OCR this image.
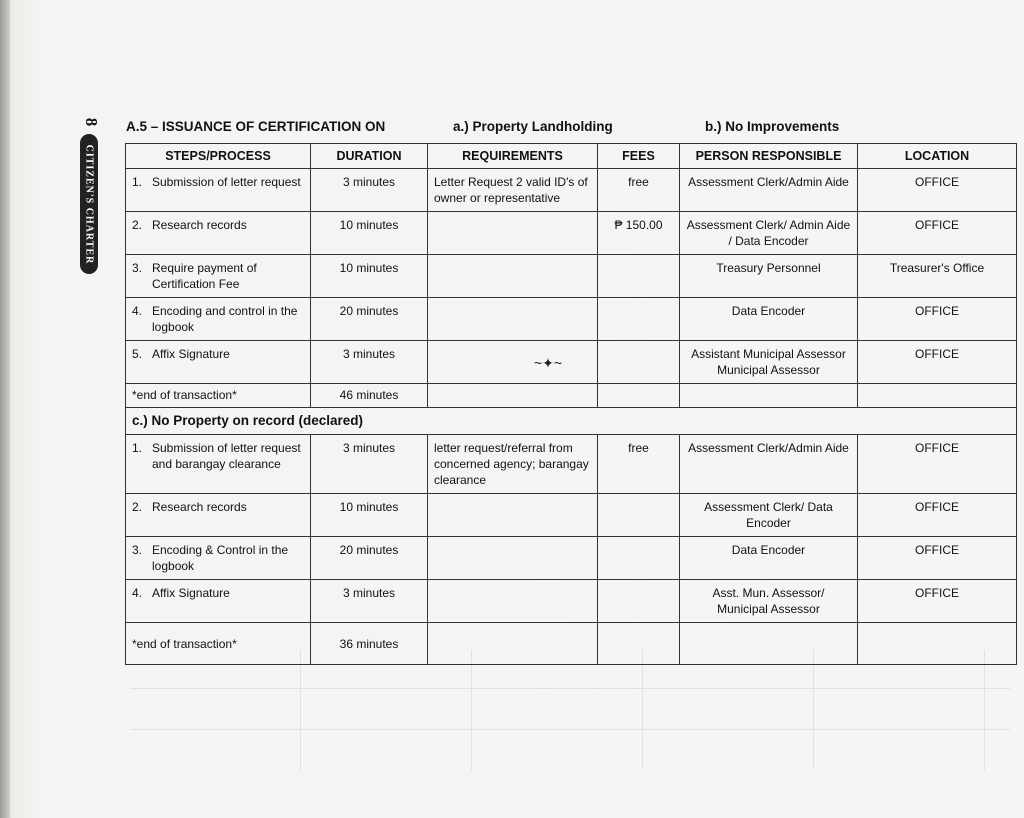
8
CITIZEN'S CHARTER
A.5 – ISSUANCE OF CERTIFICATION ON	a.) Property Landholding	b.) No Improvements
STEPS/PROCESS	DURATION	REQUIREMENTS	FEES	PERSON RESPONSIBLE	LOCATION

1. Submission of letter request	3 minutes	Letter Request 2 valid ID's of owner or representative	free	Assessment Clerk/Admin Aide	OFFICE

2. Research records	10 minutes		₱ 150.00	Assessment Clerk/ Admin Aide / Data Encoder	OFFICE

3. Require payment of Certification Fee	10 minutes			Treasury Personnel	Treasurer's Office

4. Encoding and control in the logbook	20 minutes			Data Encoder	OFFICE

5. Affix Signature	3 minutes	~✦~		Assistant Municipal Assessor Municipal Assessor	OFFICE
*end of transaction*	46 minutes				
c.) No Property on record (declared)					

1. Submission of letter request and barangay clearance	3 minutes	letter request/referral from concerned agency; barangay clearance	free	Assessment Clerk/Admin Aide	OFFICE

2. Research records	10 minutes			Assessment Clerk/ Data Encoder	OFFICE

3. Encoding & Control in the logbook	20 minutes			Data Encoder	OFFICE

4. Affix Signature	3 minutes			Asst. Mun. Assessor/ Municipal Assessor	OFFICE
*end of transaction*	36 minutes				
